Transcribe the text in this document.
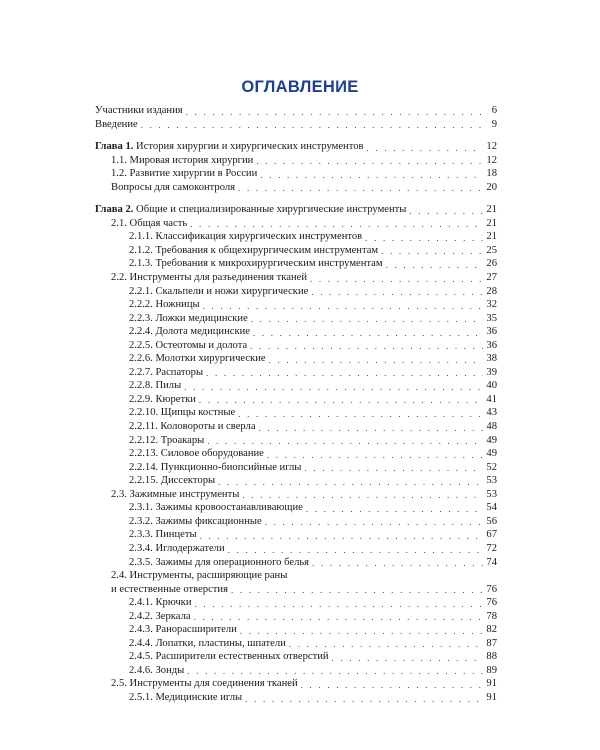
ОГЛАВЛЕНИЕ
Участники издания . . .	6
Введение . . .	9
Глава 1. История хирургии и хирургических инструментов . . .	12
1.1. Мировая история хирургии . . .	12
1.2. Развитие хирургии в России . . .	18
Вопросы для самоконтроля . . .	20
Глава 2. Общие и специализированные хирургические инструменты . . .	21
2.1. Общая часть . . .	21
2.1.1. Классификация хирургических инструментов . . .	21
2.1.2. Требования к общехирургическим инструментам . . .	25
2.1.3. Требования к микрохирургическим инструментам . . .	26
2.2. Инструменты для разъединения тканей . . .	27
2.2.1. Скальпели и ножи хирургические . . .	28
2.2.2. Ножницы . . .	32
2.2.3. Ложки медицинские . . .	35
2.2.4. Долота медицинские . . .	36
2.2.5. Остеотомы и долота . . .	36
2.2.6. Молотки хирургические . . .	38
2.2.7. Распаторы . . .	39
2.2.8. Пилы . . .	40
2.2.9. Кюретки . . .	41
2.2.10. Щипцы костные . . .	43
2.2.11. Коловороты и сверла . . .	48
2.2.12. Троакары . . .	49
2.2.13. Силовое оборудование . . .	49
2.2.14. Пункционно-биопсийные иглы . . .	52
2.2.15. Диссекторы . . .	53
2.3. Зажимные инструменты . . .	53
2.3.1. Зажимы кровоостанавливающие . . .	54
2.3.2. Зажимы фиксационные . . .	56
2.3.3. Пинцеты . . .	67
2.3.4. Иглодержатели . . .	72
2.3.5. Зажимы для операционного белья . . .	74
2.4. Инструменты, расширяющие раны
и естественные отверстия . . .	76
2.4.1. Крючки . . .	76
2.4.2. Зеркала . . .	78
2.4.3. Ранорасширители . . .	82
2.4.4. Лопатки, пластины, шпатели . . .	87
2.4.5. Расширители естественных отверстий . . .	88
2.4.6. Зонды . . .	89
2.5. Инструменты для соединения тканей . . .	91
2.5.1. Медицинские иглы . . .	91
